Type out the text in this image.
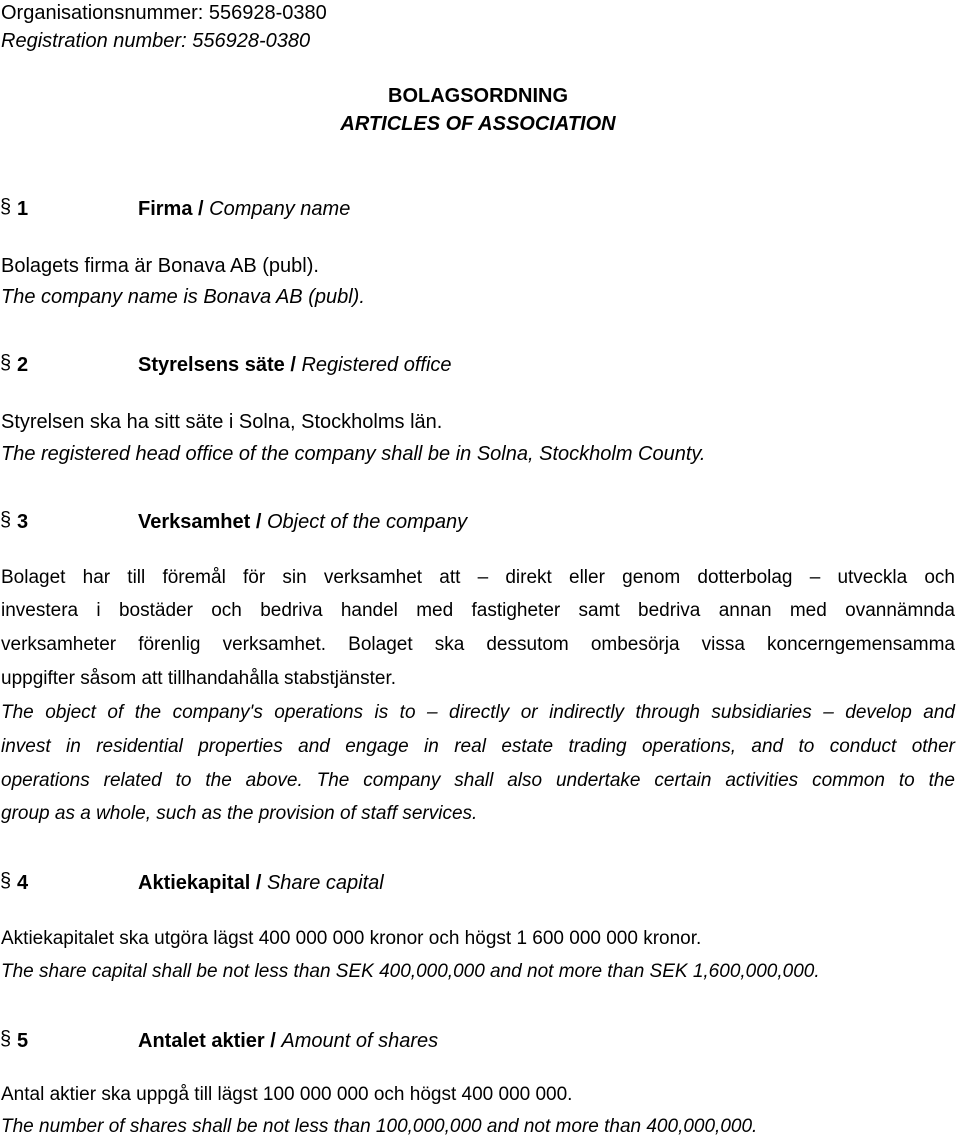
Organisationsnummer: 556928-0380
Registration number: 556928-0380
BOLAGSORDNING
ARTICLES OF ASSOCIATION
§ 1	Firma / Company name
Bolagets firma är Bonava AB (publ).
The company name is Bonava AB (publ).
§ 2	Styrelsens säte / Registered office
Styrelsen ska ha sitt säte i Solna, Stockholms län.
The registered head office of the company shall be in Solna, Stockholm County.
§ 3	Verksamhet / Object of the company
Bolaget har till föremål för sin verksamhet att – direkt eller genom dotterbolag – utveckla och
investera i bostäder och bedriva handel med fastigheter samt bedriva annan med ovannämnda
verksamheter förenlig verksamhet. Bolaget ska dessutom ombesörja vissa koncerngemensamma
uppgifter såsom att tillhandahålla stabstjänster.
The object of the company's operations is to – directly or indirectly through subsidiaries – develop and
invest in residential properties and engage in real estate trading operations, and to conduct other
operations related to the above. The company shall also undertake certain activities common to the
group as a whole, such as the provision of staff services.
§ 4	Aktiekapital / Share capital
Aktiekapitalet ska utgöra lägst 400 000 000 kronor och högst 1 600 000 000 kronor.
The share capital shall be not less than SEK 400,000,000 and not more than SEK 1,600,000,000.
§ 5	Antalet aktier / Amount of shares
Antal aktier ska uppgå till lägst 100 000 000 och högst 400 000 000.
The number of shares shall be not less than 100,000,000 and not more than 400,000,000.
